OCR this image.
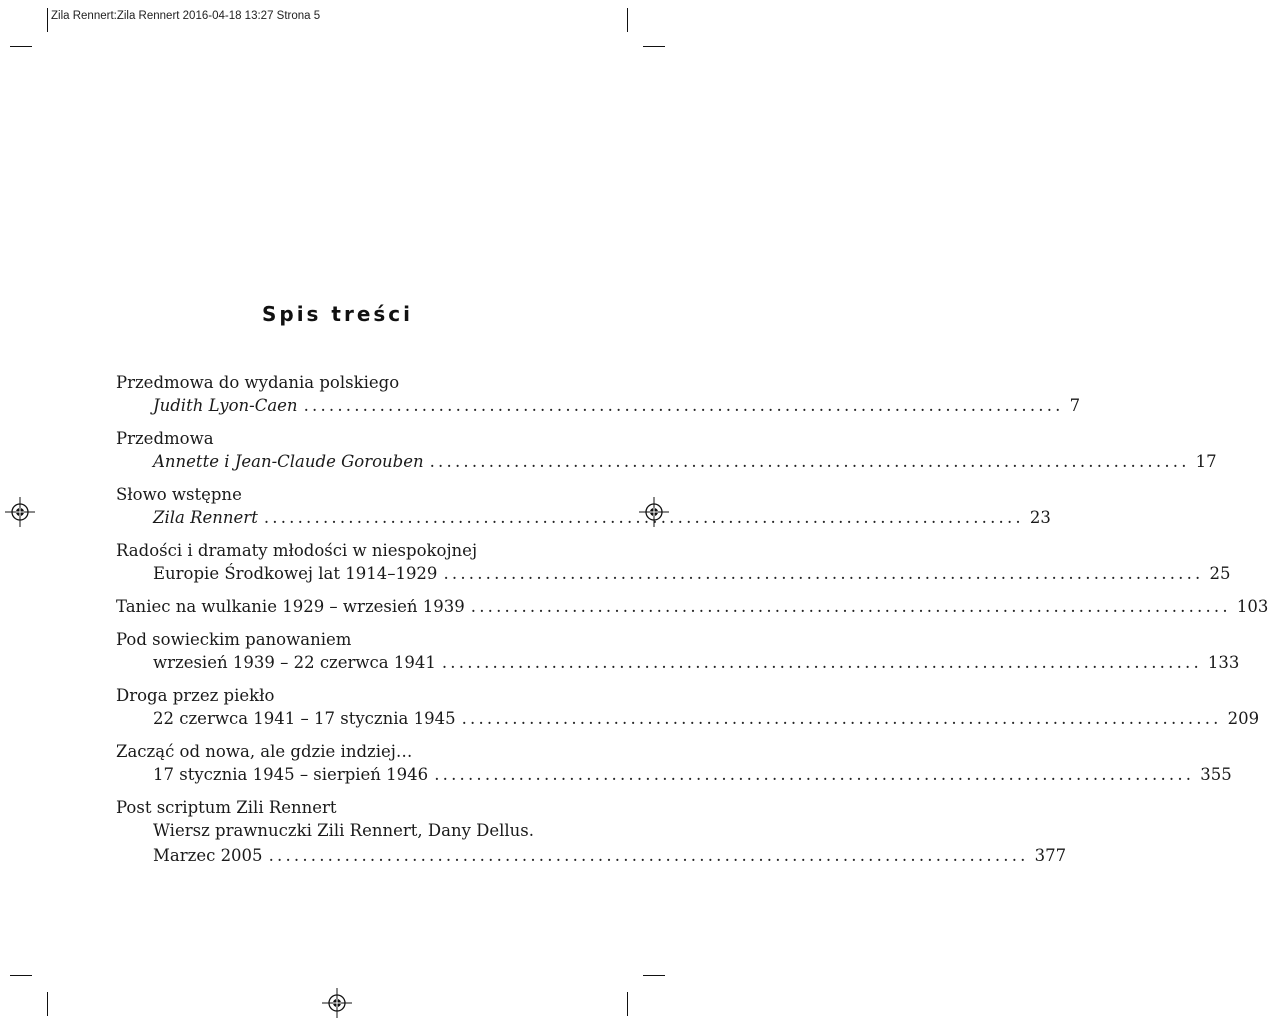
Zila Rennert:Zila Rennert 2016-04-18 13:27 Strona 5
Spis treści
Przedmowa do wydania polskiego
Judith Lyon-Caen .......................................................................................... 7
Przedmowa
Annette i Jean-Claude Gorouben .......................................................................................... 17
Słowo wstępne
Zila Rennert .......................................................................................... 23
Radości i dramaty młodości w niespokojnej
Europie Środkowej lat 1914–1929 .......................................................................................... 25
Taniec na wulkanie 1929 – wrzesień 1939 .......................................................................................... 103
Pod sowieckim panowaniem
wrzesień 1939 – 22 czerwca 1941 .......................................................................................... 133
Droga przez piekło
22 czerwca 1941 – 17 stycznia 1945 .......................................................................................... 209
Zacząć od nowa, ale gdzie indziej…
17 stycznia 1945 – sierpień 1946 .......................................................................................... 355
Post scriptum Zili Rennert
Wiersz prawnuczki Zili Rennert, Dany Dellus.
Marzec 2005 .......................................................................................... 377
